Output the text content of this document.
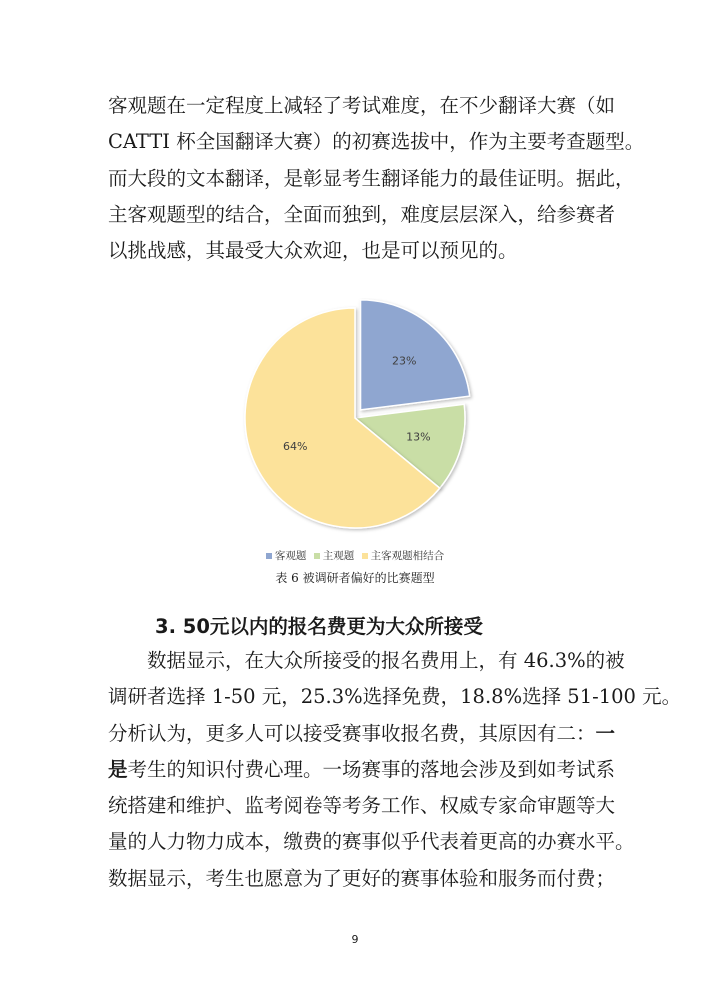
客观题在一定程度上减轻了考试难度，在不少翻译大赛（如
CATTI 杯全国翻译大赛）的初赛选拔中，作为主要考查题型。
而大段的文本翻译，是彰显考生翻译能力的最佳证明。据此，
主客观题型的结合，全面而独到，难度层层深入，给参赛者
以挑战感，其最受大众欢迎，也是可以预见的。
23%
13%
64%
客观题 主观题 主客观题相结合
表 6 被调研者偏好的比赛题型
3. 50元以内的报名费更为大众所接受
数据显示，在大众所接受的报名费用上，有 46.3%的被
调研者选择 1-50 元，25.3%选择免费，18.8%选择 51-100 元。
分析认为，更多人可以接受赛事收报名费，其原因有二：一
是考生的知识付费心理。一场赛事的落地会涉及到如考试系
统搭建和维护、监考阅卷等考务工作、权威专家命审题等大
量的人力物力成本，缴费的赛事似乎代表着更高的办赛水平。
数据显示，考生也愿意为了更好的赛事体验和服务而付费；
9
